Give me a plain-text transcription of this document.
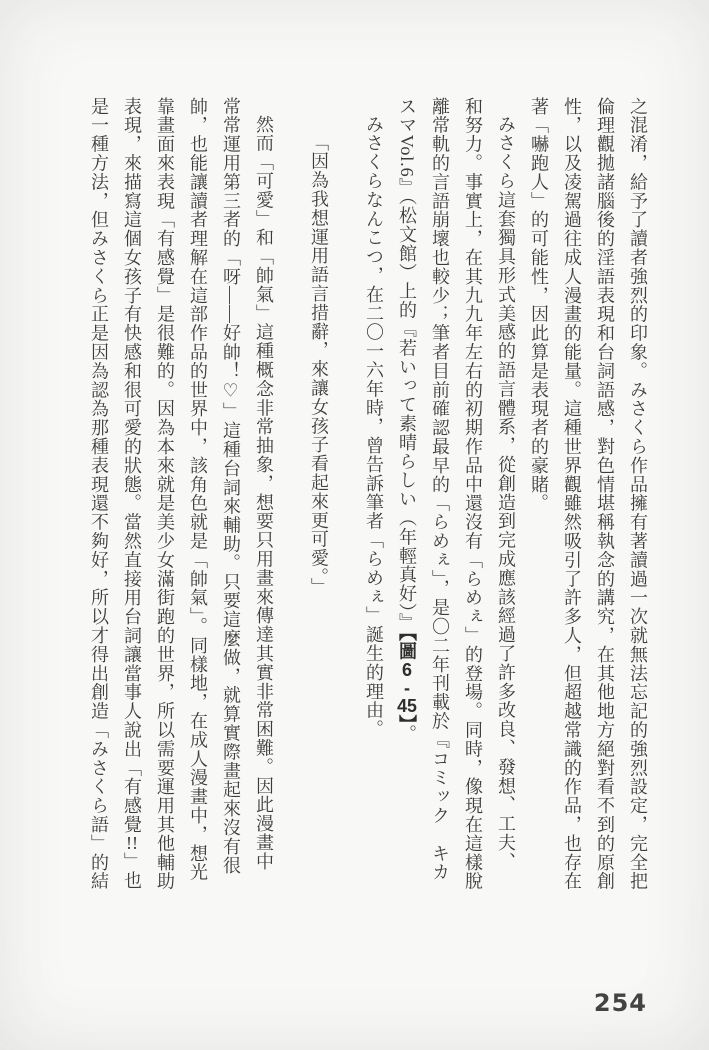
之混淆，給予了讀者強烈的印象。みさくら作品擁有著讀過一次就無法忘記的強烈設定，完全把
倫理觀拋諸腦後的淫語表現和台詞語感，對色情堪稱執念的講究，在其他地方絕對看不到的原創
性，以及凌駕過往成人漫畫的能量。這種世界觀雖然吸引了許多人，但超越常識的作品，也存在
著「嚇跑人」的可能性，因此算是表現者的豪賭。
みさくら這套獨具形式美感的語言體系，從創造到完成應該經過了許多改良、發想、工夫、
和努力。事實上，在其九九年左右的初期作品中還沒有「らめぇ」的登場。同時，像現在這樣脫
離常軌的言語崩壞也較少；筆者目前確認最早的「らめぇ」，是〇二年刊載於『コミック　キカ
スマVol.6』（松文館）上的『若いって素晴らしい（年輕真好）』【圖6-45】。
みさくらなんこつ，在二〇一六年時，曾告訴筆者「らめぇ」誕生的理由。
「因為我想運用語言措辭，來讓女孩子看起來更可愛。」
然而「可愛」和「帥氣」這種概念非常抽象，想要只用畫來傳達其實非常困難。因此漫畫中
常常運用第三者的「呀——好帥！♡」這種台詞來輔助。只要這麼做，就算實際畫起來沒有很
帥，也能讓讀者理解在這部作品的世界中，該角色就是「帥氣」。同樣地，在成人漫畫中，想光
靠畫面來表現「有感覺」是很難的。因為本來就是美少女滿街跑的世界，所以需要運用其他輔助
表現，來描寫這個女孩子有快感和很可愛的狀態。當然直接用台詞讓當事人說出「有感覺!!」也
是一種方法，但みさくら正是因為認為那種表現還不夠好，所以才得出創造「みさくら語」的結
254
